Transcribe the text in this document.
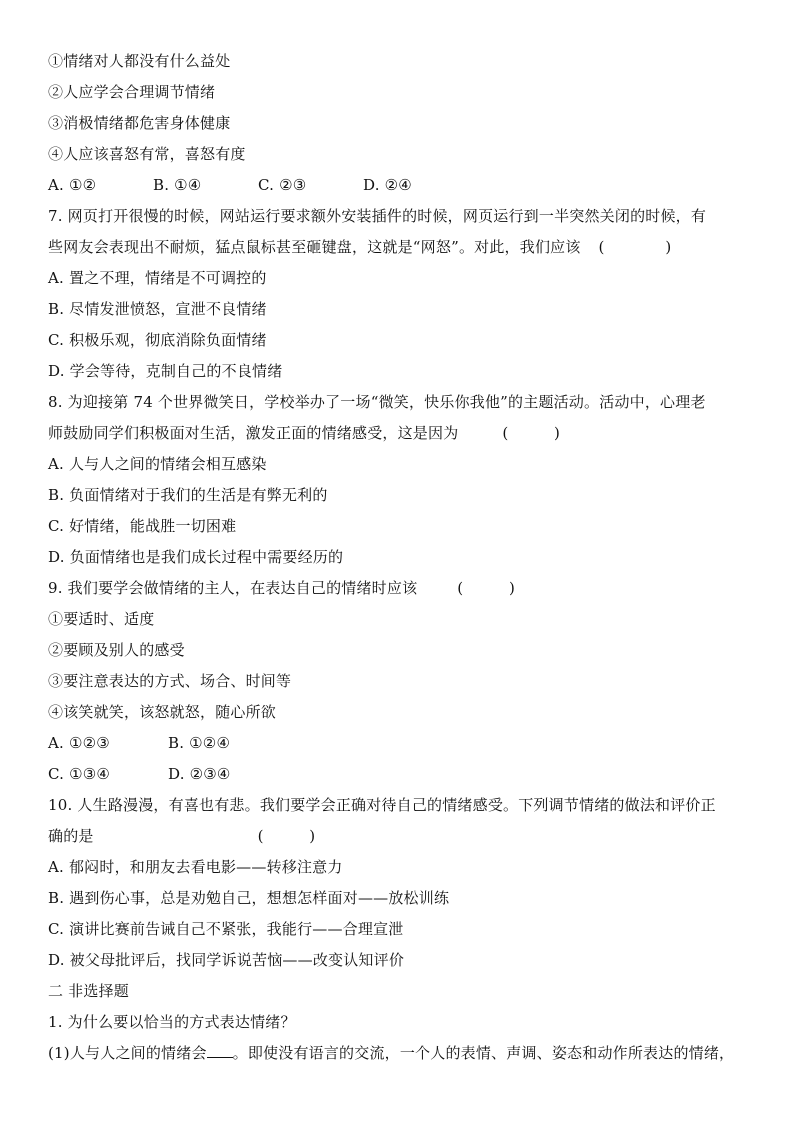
①情绪对人都没有什么益处
②人应学会合理调节情绪
③消极情绪都危害身体健康
④人应该喜怒有常，喜怒有度
A. ①②	B. ①④	C. ②③	D. ②④
7. 网页打开很慢的时候，网站运行要求额外安装插件的时候，网页运行到一半突然关闭的时候，有
些网友会表现出不耐烦，猛点鼠标甚至砸键盘，这就是“网怒”。对此，我们应该 (　　　　)
A. 置之不理，情绪是不可调控的
B. 尽情发泄愤怒，宣泄不良情绪
C. 积极乐观，彻底消除负面情绪
D. 学会等待，克制自己的不良情绪
8. 为迎接第 74 个世界微笑日，学校举办了一场“微笑，快乐你我他”的主题活动。活动中，心理老
师鼓励同学们积极面对生活，激发正面的情绪感受，这是因为	(　　　)
A. 人与人之间的情绪会相互感染
B. 负面情绪对于我们的生活是有弊无利的
C. 好情绪，能战胜一切困难
D. 负面情绪也是我们成长过程中需要经历的
9. 我们要学会做情绪的主人，在表达自己的情绪时应该	(　　　)
①要适时、适度
②要顾及别人的感受
③要注意表达的方式、场合、时间等
④该笑就笑，该怒就怒，随心所欲
A. ①②③	B. ①②④
C. ①③④	D. ②③④
10. 人生路漫漫，有喜也有悲。我们要学会正确对待自己的情绪感受。下列调节情绪的做法和评价正
确的是	(　　　)
A. 郁闷时，和朋友去看电影——转移注意力
B. 遇到伤心事，总是劝勉自己，想想怎样面对——放松训练
C. 演讲比赛前告诫自己不紧张，我能行——合理宣泄
D. 被父母批评后，找同学诉说苦恼——改变认知评价
二 非选择题
1. 为什么要以恰当的方式表达情绪？
(1)人与人之间的情绪会 。即使没有语言的交流，一个人的表情、声调、姿态和动作所表达的情绪，
